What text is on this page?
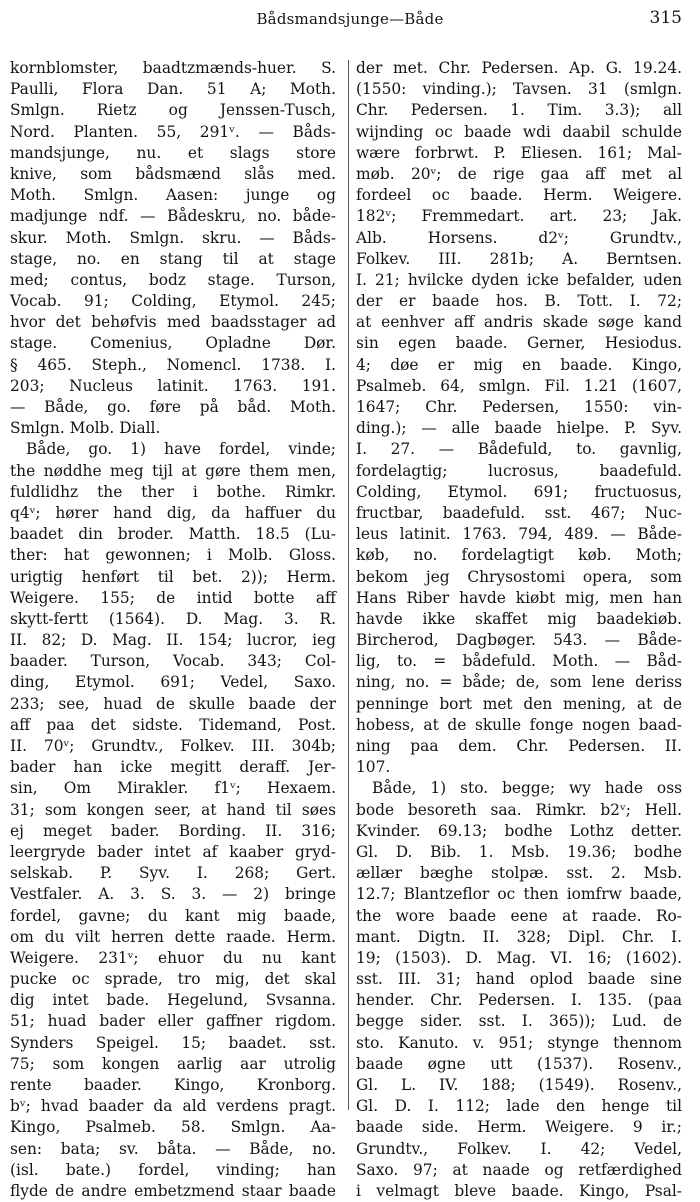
Bådsmandsjunge—Både	315
kornblomster, baadtzmænds-huer. S.
Paulli, Flora Dan. 51 A; Moth.
Smlgn. Rietz og Jenssen-Tusch,
Nord. Planten. 55, 291ᵛ. — Båds-
mandsjunge, nu. et slags store
knive, som bådsmænd slås med.
Moth. Smlgn. Aasen: junge og
madjunge ndf. — Bådeskru, no. både-
skur. Moth. Smlgn. skru. — Båds-
stage, no. en stang til at stage
med; contus, bodz stage. Turson,
Vocab. 91; Colding, Etymol. 245;
hvor det behøfvis med baadsstager ad
stage. Comenius, Opladne Dør.
§ 465. Steph., Nomencl. 1738. I.
203; Nucleus latinit. 1763. 191.
— Både, go. føre på båd. Moth.
Smlgn. Molb. Diall.
Både, go. 1) have fordel, vinde;
the nøddhe meg tijl at gøre them men,
fuldlidhz the ther i bothe. Rimkr.
q4ᵛ; hører hand dig, da haffuer du
baadet din broder. Matth. 18.5 (Lu-
ther: hat gewonnen; i Molb. Gloss.
urigtig henført til bet. 2)); Herm.
Weigere. 155; de intid botte aff
skytt-fertt (1564). D. Mag. 3. R.
II. 82; D. Mag. II. 154; lucror, ieg
baader. Turson, Vocab. 343; Col-
ding, Etymol. 691; Vedel, Saxo.
233; see, huad de skulle baade der
aff paa det sidste. Tidemand, Post.
II. 70ᵛ; Grundtv., Folkev. III. 304b;
bader han icke megitt deraff. Jer-
sin, Om Mirakler. f1ᵛ; Hexaem.
31; som kongen seer, at hand til søes
ej meget bader. Bording. II. 316;
leergryde bader intet af kaaber gryd-
selskab. P. Syv. I. 268; Gert.
Vestfaler. A. 3. S. 3. — 2) bringe
fordel, gavne; du kant mig baade,
om du vilt herren dette raade. Herm.
Weigere. 231ᵛ; ehuor du nu kant
pucke oc sprade, tro mig, det skal
dig intet bade. Hegelund, Svsanna.
51; huad bader eller gaffner rigdom.
Synders Speigel. 15; baadet. sst.
75; som kongen aarlig aar utrolig
rente baader. Kingo, Kronborg.
bᵛ; hvad baader da ald verdens pragt.
Kingo, Psalmeb. 58. Smlgn. Aa-
sen: bata; sv. båta. — Både, no.
(isl. bate.) fordel, vinding; han
flyde de andre embetzmend staar baade
der met. Chr. Pedersen. Ap. G. 19.24.
(1550: vinding.); Tavsen. 31 (smlgn.
Chr. Pedersen. 1. Tim. 3.3); all
wijnding oc baade wdi daabil schulde
wære forbrwt. P. Eliesen. 161; Mal-
møb. 20ᵛ; de rige gaa aff met al
fordeel oc baade. Herm. Weigere.
182ᵛ; Fremmedart. art. 23; Jak.
Alb. Horsens. d2ᵛ; Grundtv.,
Folkev. III. 281b; A. Berntsen.
I. 21; hvilcke dyden icke befalder, uden
der er baade hos. B. Tott. I. 72;
at eenhver aff andris skade søge kand
sin egen baade. Gerner, Hesiodus.
4; døe er mig en baade. Kingo,
Psalmeb. 64, smlgn. Fil. 1.21 (1607,
1647; Chr. Pedersen, 1550: vin-
ding.); — alle baade hielpe. P. Syv.
I. 27. — Bådefuld, to. gavnlig,
fordelagtig; lucrosus, baadefuld.
Colding, Etymol. 691; fructuosus,
fructbar, baadefuld. sst. 467; Nuc-
leus latinit. 1763. 794, 489. — Både-
køb, no. fordelagtigt køb. Moth;
bekom jeg Chrysostomi opera, som
Hans Riber havde kiøbt mig, men han
havde ikke skaffet mig baadekiøb.
Bircherod, Dagbøger. 543. — Både-
lig, to. = bådefuld. Moth. — Båd-
ning, no. = både; de, som lene deriss
penninge bort met den mening, at de
hobess, at de skulle fonge nogen baad-
ning paa dem. Chr. Pedersen. II.
107.
Både, 1) sto. begge; wy hade oss
bode besoreth saa. Rimkr. b2ᵛ; Hell.
Kvinder. 69.13; bodhe Lothz detter.
Gl. D. Bib. 1. Msb. 19.36; bodhe
ællær bæghe stolpæ. sst. 2. Msb.
12.7; Blantzeflor oc then iomfrw baade,
the wore baade eene at raade. Ro-
mant. Digtn. II. 328; Dipl. Chr. I.
19; (1503). D. Mag. VI. 16; (1602).
sst. III. 31; hand oplod baade sine
hender. Chr. Pedersen. I. 135. (paa
begge sider. sst. I. 365)); Lud. de
sto. Kanuto. v. 951; stynge thennom
baade øgne utt (1537). Rosenv.,
Gl. L. IV. 188; (1549). Rosenv.,
Gl. D. I. 112; lade den henge til
baade side. Herm. Weigere. 9 ir.;
Grundtv., Folkev. I. 42; Vedel,
Saxo. 97; at naade og retfærdighed
i velmagt bleve baade. Kingo, Psal-
